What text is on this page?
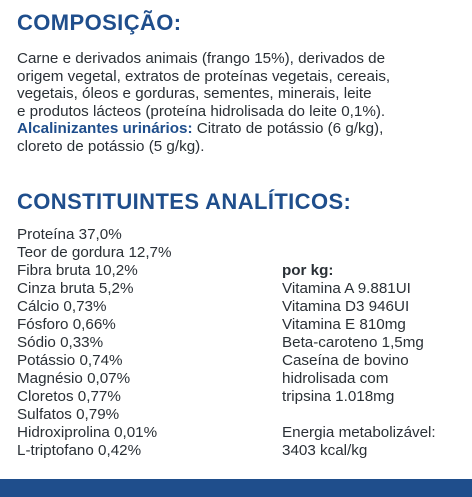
COMPOSIÇÃO:

Carne e derivados animais (frango 15%), derivados de

origem vegetal, extratos de proteínas vegetais, cereais,

vegetais, óleos e gorduras, sementes, minerais, leite

e produtos lácteos (proteína hidrolisada do leite 0,1%).

Alcalinizantes urinários: Citrato de potássio (6 g/kg),

cloreto de potássio (5 g/kg).

CONSTITUINTES ANALÍTICOS:
Proteína 37,0%
Teor de gordura 12,7%
Fibra bruta 10,2%
Cinza bruta 5,2%
Cálcio 0,73%
Fósforo 0,66%
Sódio 0,33%
Potássio 0,74%
Magnésio 0,07%
Cloretos 0,77%
Sulfatos 0,79%
Hidroxiprolina 0,01%
L-triptofano 0,42%
por kg:
Vitamina A 9.881UI
Vitamina D3 946UI
Vitamina E 810mg
Beta-caroteno 1,5mg
Caseína de bovino
hidrolisada com
tripsina 1.018mg
Energia metabolizável:
3403 kcal/kg
